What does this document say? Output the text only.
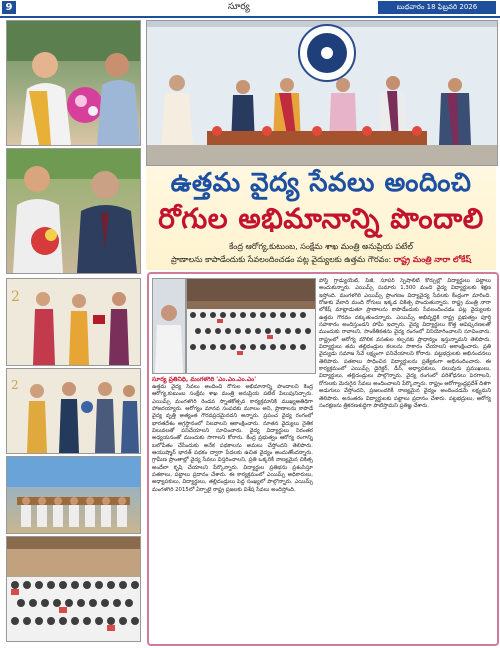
9	సూర్య	బుధవారం 18 ఫిబ్రవరి 2026
2
2
ఉత్తమ వైద్య సేవలు అందించి
రోగుల అభిమానాన్ని పొందాలి
కేంద్ర ఆరోగ్య,కుటుంబ, సంక్షేమ శాఖ మంత్రి అనుప్రియ పటేల్
ప్రాణాలను కాపాడేందుకు సేవలందించడం పట్ల వైద్యులకు ఉత్తమ గౌరవం: రాష్ట్ర మంత్రి నారా లోకేష్
సూర్య ప్రతినిధి, మంగళగిరి 'ఎం.ఎం.ఎం.ఎం'

ఉత్తమ వైద్య సేవలు అందించి రోగుల అభిమానాన్ని పొందాలని కేంద్ర ఆరోగ్య,కుటుంబ సంక్షేమ శాఖ మంత్రి అనుప్రియ పటేల్ పిలుపునిచ్చారు. ఎయిమ్స్ మంగళగిరి రెండవ స్నాతకోత్సవ కార్యక్రమానికి ముఖ్యఅతిథిగా హాజరయ్యారు. ఆరోగ్యం మానవ సంపదకు మూలం అని, ప్రాణాలను కాపాడే వైద్య వృత్తి అత్యంత గౌరవప్రదమైనదని అన్నారు. ప్రపంచ వైద్య రంగంలో భారతదేశం అగ్రస్థానంలో నిలవాలని ఆకాంక్షించారు. నూతన వైద్యులు నైతిక విలువలతో పనిచేయాలని సూచించారు. వైద్య విద్యార్థులు నిరంతర అధ్యయనంతో ముందుకు సాగాలని కోరారు. కేంద్ర ప్రభుత్వం ఆరోగ్య రంగాన్ని బలోపేతం చేసేందుకు అనేక పథకాలను అమలు చేస్తోందని తెలిపారు. ఆయుష్మాన్ భారత్ పథకం ద్వారా పేదలకు ఉచిత వైద్యం అందుతోందన్నారు. గ్రామీణ ప్రాంతాల్లో వైద్య సేవలు విస్తరించాలని, ప్రతి ఒక్కరికీ నాణ్యమైన చికిత్స అందేలా కృషి చేయాలని పేర్కొన్నారు. విద్యార్థుల ప్రతిభను ప్రశంసిస్తూ పతకాలు, పట్టాలు ప్రదానం చేశారు. ఈ కార్యక్రమంలో ఎయిమ్స్ అధికారులు, అధ్యాపకులు, విద్యార్థులు, తల్లిదండ్రులు పెద్ద సంఖ్యలో పాల్గొన్నారు. ఎయిమ్స్ మంగళగిరి 2015లో ఏర్పాటై రాష్ట్ర ప్రజలకు విశేష సేవలు అందిస్తోంది.

పోస్ట్ గ్రాడ్యుయేట్, పీజీ, సూపర్ స్పెషాలిటీ కోర్సుల్లో విద్యార్థులు పట్టాలు అందుకున్నారు. ఎయిమ్స్ సుమారు 1,300 మంది వైద్య విద్యార్థులకు శిక్షణ ఇస్తోంది. మంగళగిరి ఎయిమ్స్ ప్రాంగణం విద్యావైద్య సేవలకు కేంద్రంగా మారింది. రోజుకు వేలాది మంది రోగులు ఇక్కడ చికిత్స పొందుతున్నారు. రాష్ట్ర మంత్రి నారా లోకేష్ మాట్లాడుతూ ప్రాణాలను కాపాడేందుకు సేవలందించడం పట్ల వైద్యులకు ఉత్తమ గౌరవం దక్కుతుందన్నారు. ఎయిమ్స్ అభివృద్ధికి రాష్ట్ర ప్రభుత్వం పూర్తి సహకారం అందిస్తుందని హామీ ఇచ్చారు. వైద్య విద్యార్థులు కొత్త ఆవిష్కరణలతో ముందుకు రావాలని, సాంకేతికతను వైద్య రంగంలో వినియోగించాలని సూచించారు. రాష్ట్రంలో ఆరోగ్య మౌలిక వసతుల కల్పనకు ప్రాధాన్యం ఇస్తున్నామని తెలిపారు. విద్యార్థులు తమ తల్లిదండ్రుల కలలను సాకారం చేయాలని ఆకాంక్షించారు. ప్రతి వైద్యుడు సమాజ సేవే లక్ష్యంగా పనిచేయాలని కోరారు. పట్టభద్రులకు అభినందనలు తెలిపారు. పతకాలు సాధించిన విద్యార్థులను ప్రత్యేకంగా అభినందించారు. ఈ కార్యక్రమంలో ఎయిమ్స్ డైరెక్టర్, డీన్, అధ్యాపకులు, పలువురు ప్రముఖులు, విద్యార్థులు, తల్లిదండ్రులు పాల్గొన్నారు. వైద్య రంగంలో పరిశోధనలు పెరగాలని, రోగులకు మెరుగైన సేవలు అందించాలని పేర్కొన్నారు. రాష్ట్రం ఆరోగ్యాంధ్రప్రదేశ్ దిశగా అడుగులు వేస్తోందని, ప్రజలందరికీ నాణ్యమైన వైద్యం అందించడమే లక్ష్యమని తెలిపారు. అనంతరం విద్యార్థులకు పట్టాలు ప్రదానం చేశారు. పట్టభద్రులు, ఆరోగ్య సంరక్షణను త్రికరణశుద్ధిగా పాటిస్తామని ప్రతిజ్ఞ చేశారు.
